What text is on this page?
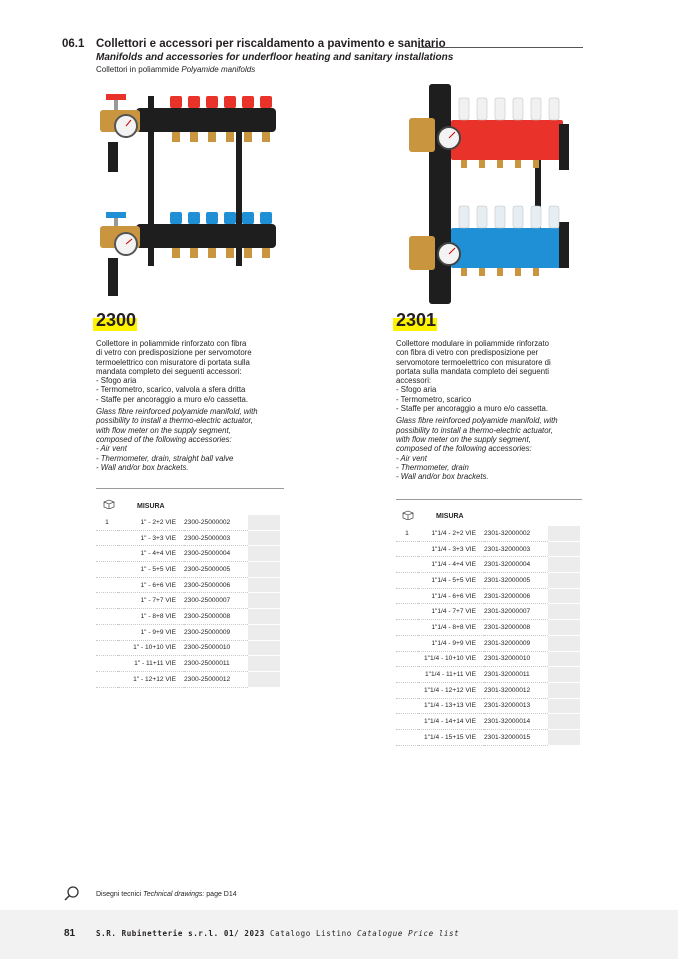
06.1 Collettori e accessori per riscaldamento a pavimento e sanitario
Manifolds and accessories for underfloor heating and sanitary installations
Collettori in poliammide Polyamide manifolds
2300

Collettore in poliammide rinforzato con fibra

di vetro con predisposizione per servomotore

termoelettrico con misuratore di portata sulla

mandata completo dei seguenti accessori:

- Sfogo aria

- Termometro, scarico, valvola a sfera dritta

- Staffe per ancoraggio a muro e/o cassetta.

Glass fibre reinforced polyamide manifold, with

possibility to install a thermo-electric actuator,

with flow meter on the supply segment,

composed of the following accessories:

- Air vent

- Thermometer, drain, straight ball valve

- Wall and/or box brackets.

MISURA
1	1" - 2+2 VIE	2300-25000002	
	1" - 3+3 VIE	2300-25000003	
	1" - 4+4 VIE	2300-25000004	
	1" - 5+5 VIE	2300-25000005	
	1" - 6+6 VIE	2300-25000006	
	1" - 7+7 VIE	2300-25000007	
	1" - 8+8 VIE	2300-25000008	
	1" - 9+9 VIE	2300-25000009	
	1" - 10+10 VIE	2300-25000010	
	1" - 11+11 VIE	2300-25000011	
	1" - 12+12 VIE	2300-25000012	
2301

Collettore modulare in poliammide rinforzato

con fibra di vetro con predisposizione per

servomotore termoelettrico con misuratore di

portata sulla mandata completo dei seguenti

accessori:

- Sfogo aria

- Termometro, scarico

- Staffe per ancoraggio a muro e/o cassetta.

Glass fibre reinforced polyamide manifold, with

possibility to install a thermo-electric actuator,

with flow meter on the supply segment,

composed of the following accessories:

- Air vent

- Thermometer, drain

- Wall and/or box brackets.

MISURA
1	1"1/4 - 2+2 VIE	2301-32000002	
	1"1/4 - 3+3 VIE	2301-32000003	
	1"1/4 - 4+4 VIE	2301-32000004	
	1"1/4 - 5+5 VIE	2301-32000005	
	1"1/4 - 6+6 VIE	2301-32000006	
	1"1/4 - 7+7 VIE	2301-32000007	
	1"1/4 - 8+8 VIE	2301-32000008	
	1"1/4 - 9+9 VIE	2301-32000009	
	1"1/4 - 10+10 VIE	2301-32000010	
	1"1/4 - 11+11 VIE	2301-32000011	
	1"1/4 - 12+12 VIE	2301-32000012	
	1"1/4 - 13+13 VIE	2301-32000013	
	1"1/4 - 14+14 VIE	2301-32000014	
	1"1/4 - 15+15 VIE	2301-32000015	
Disegni tecnici Technical drawings: page D14
81	S.R. Rubinetterie s.r.l. 01/ 2023 Catalogo Listino Catalogue Price list
